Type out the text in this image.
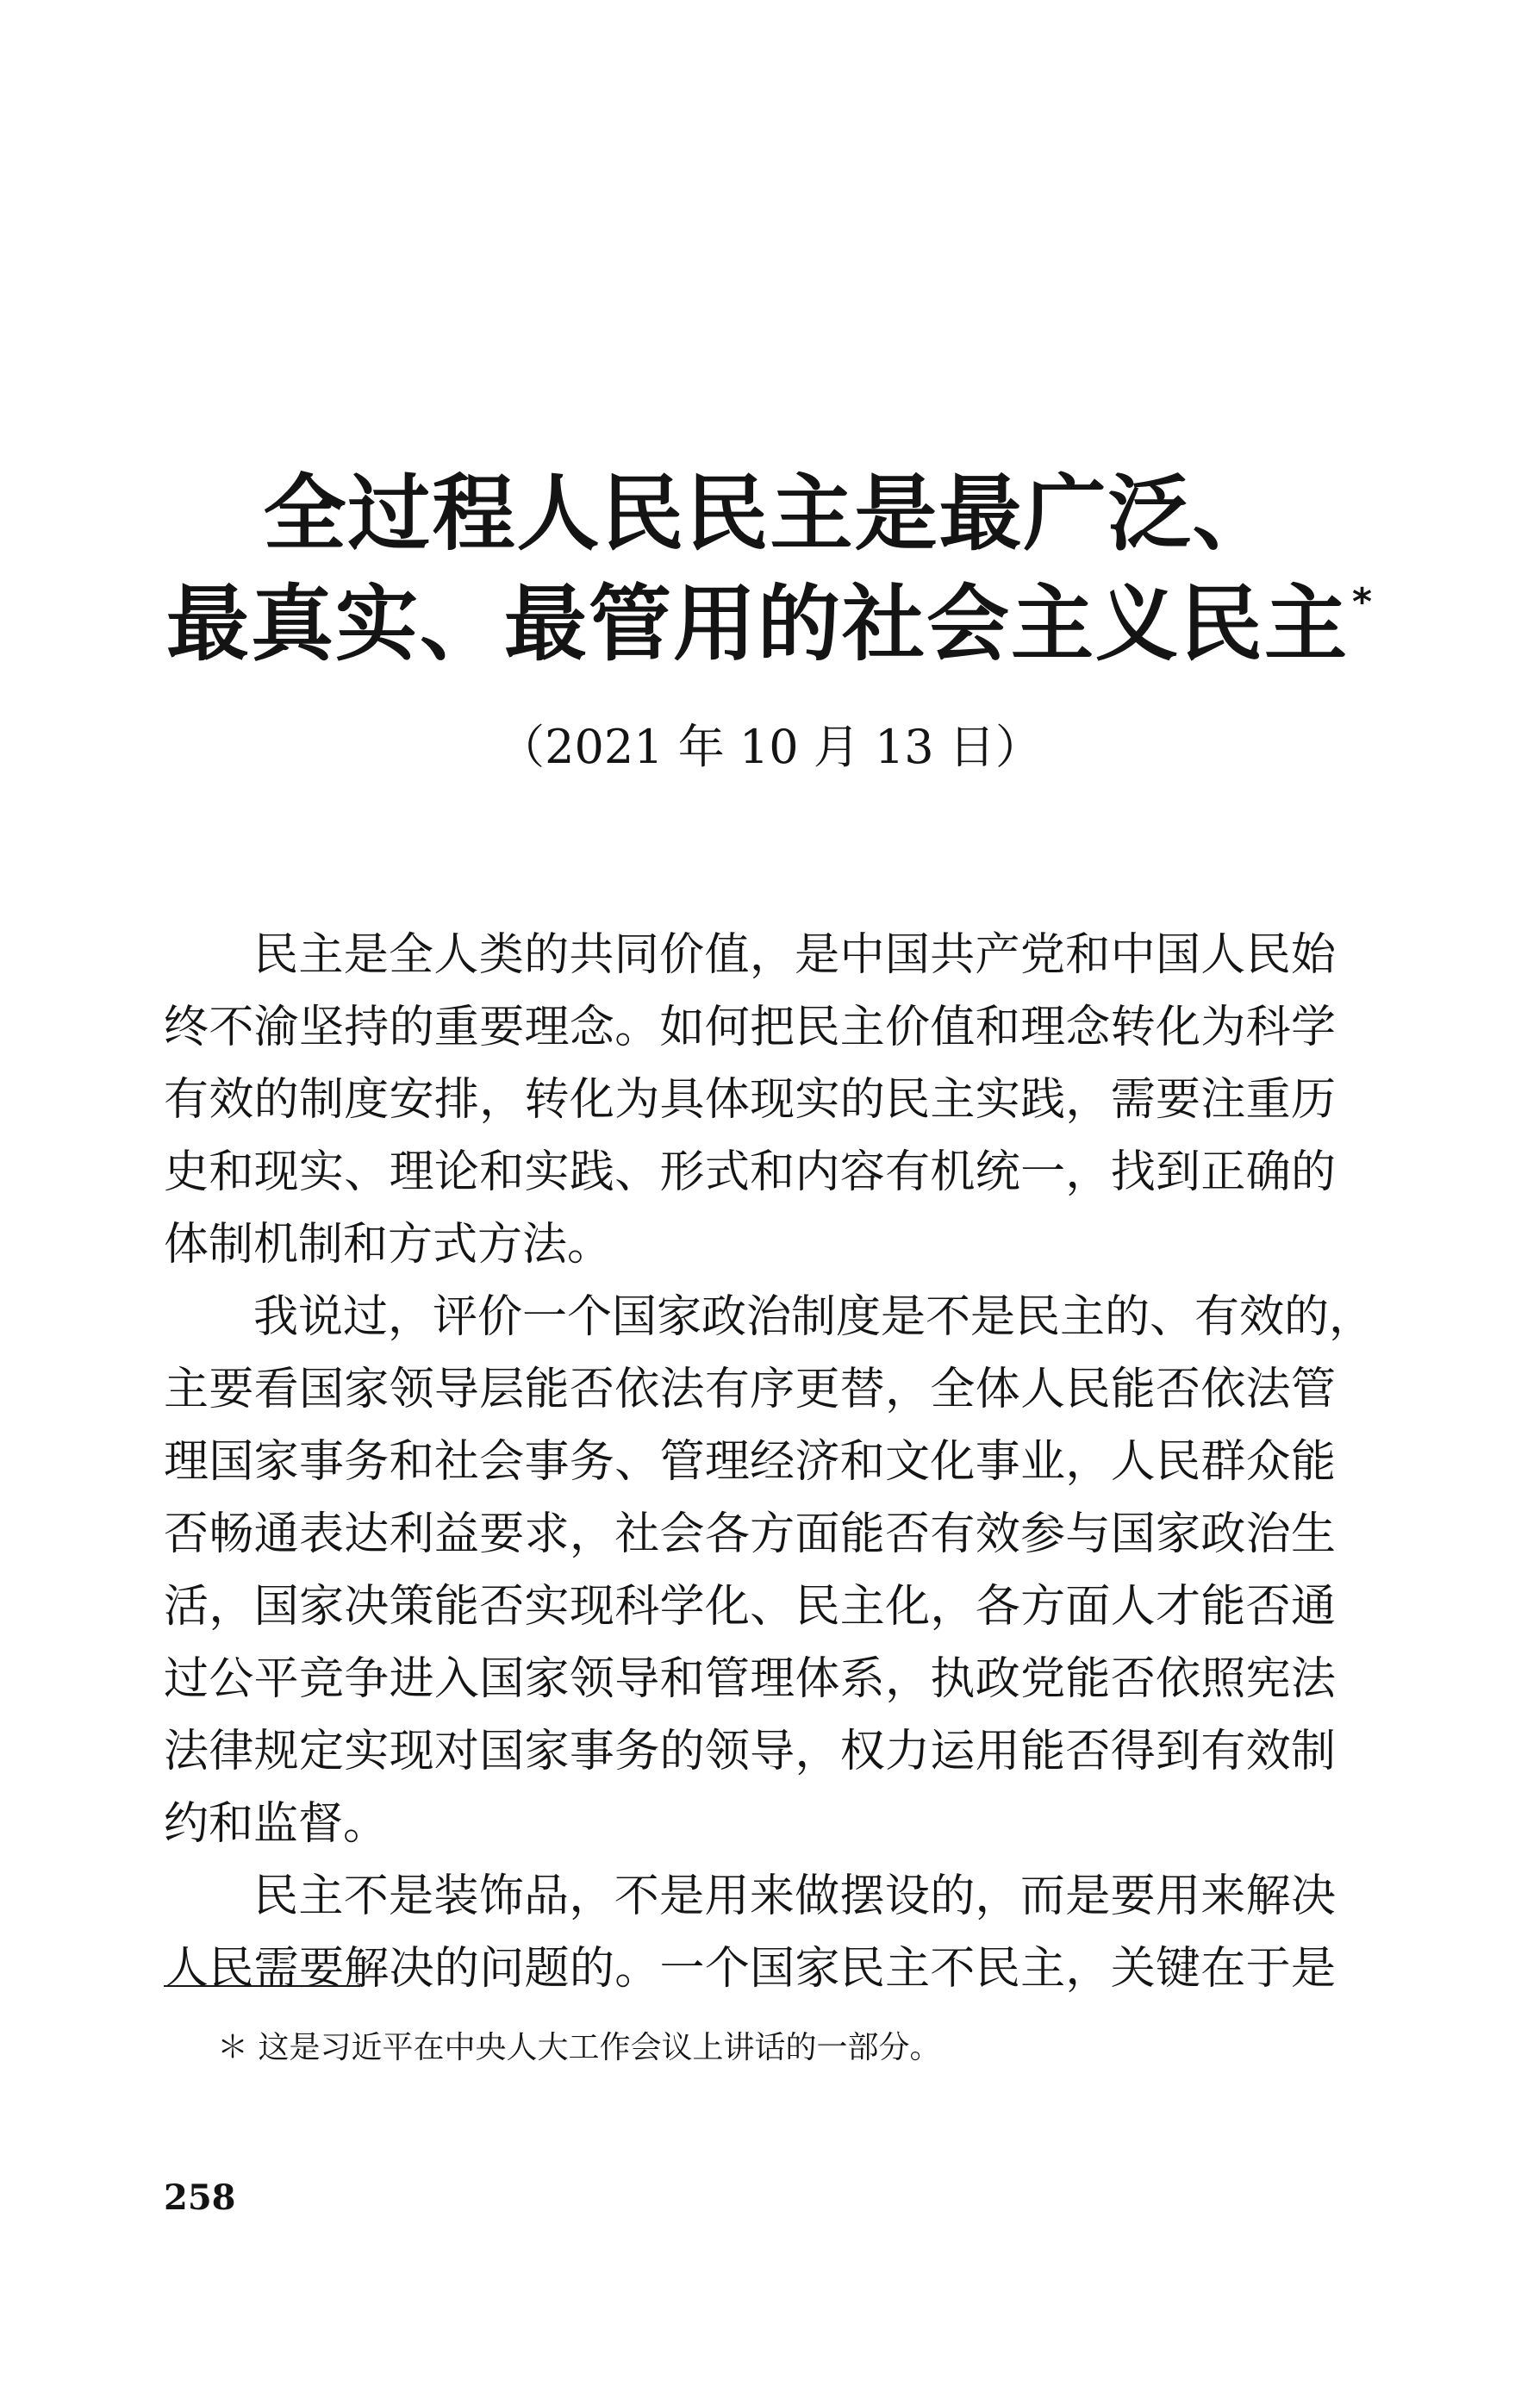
全过程人民民主是最广泛、
最真实、最管用的社会主义民主*
（2021 年 10 月 13 日）
民主是全人类的共同价值，是中国共产党和中国人民始
终不渝坚持的重要理念。如何把民主价值和理念转化为科学
有效的制度安排，转化为具体现实的民主实践，需要注重历
史和现实、理论和实践、形式和内容有机统一，找到正确的
体制机制和方式方法。
我说过，评价一个国家政治制度是不是民主的、有效的，
主要看国家领导层能否依法有序更替，全体人民能否依法管
理国家事务和社会事务、管理经济和文化事业，人民群众能
否畅通表达利益要求，社会各方面能否有效参与国家政治生
活，国家决策能否实现科学化、民主化，各方面人才能否通
过公平竞争进入国家领导和管理体系，执政党能否依照宪法
法律规定实现对国家事务的领导，权力运用能否得到有效制
约和监督。
民主不是装饰品，不是用来做摆设的，而是要用来解决
人民需要解决的问题的。一个国家民主不民主，关键在于是
＊ 这是习近平在中央人大工作会议上讲话的一部分。
258
